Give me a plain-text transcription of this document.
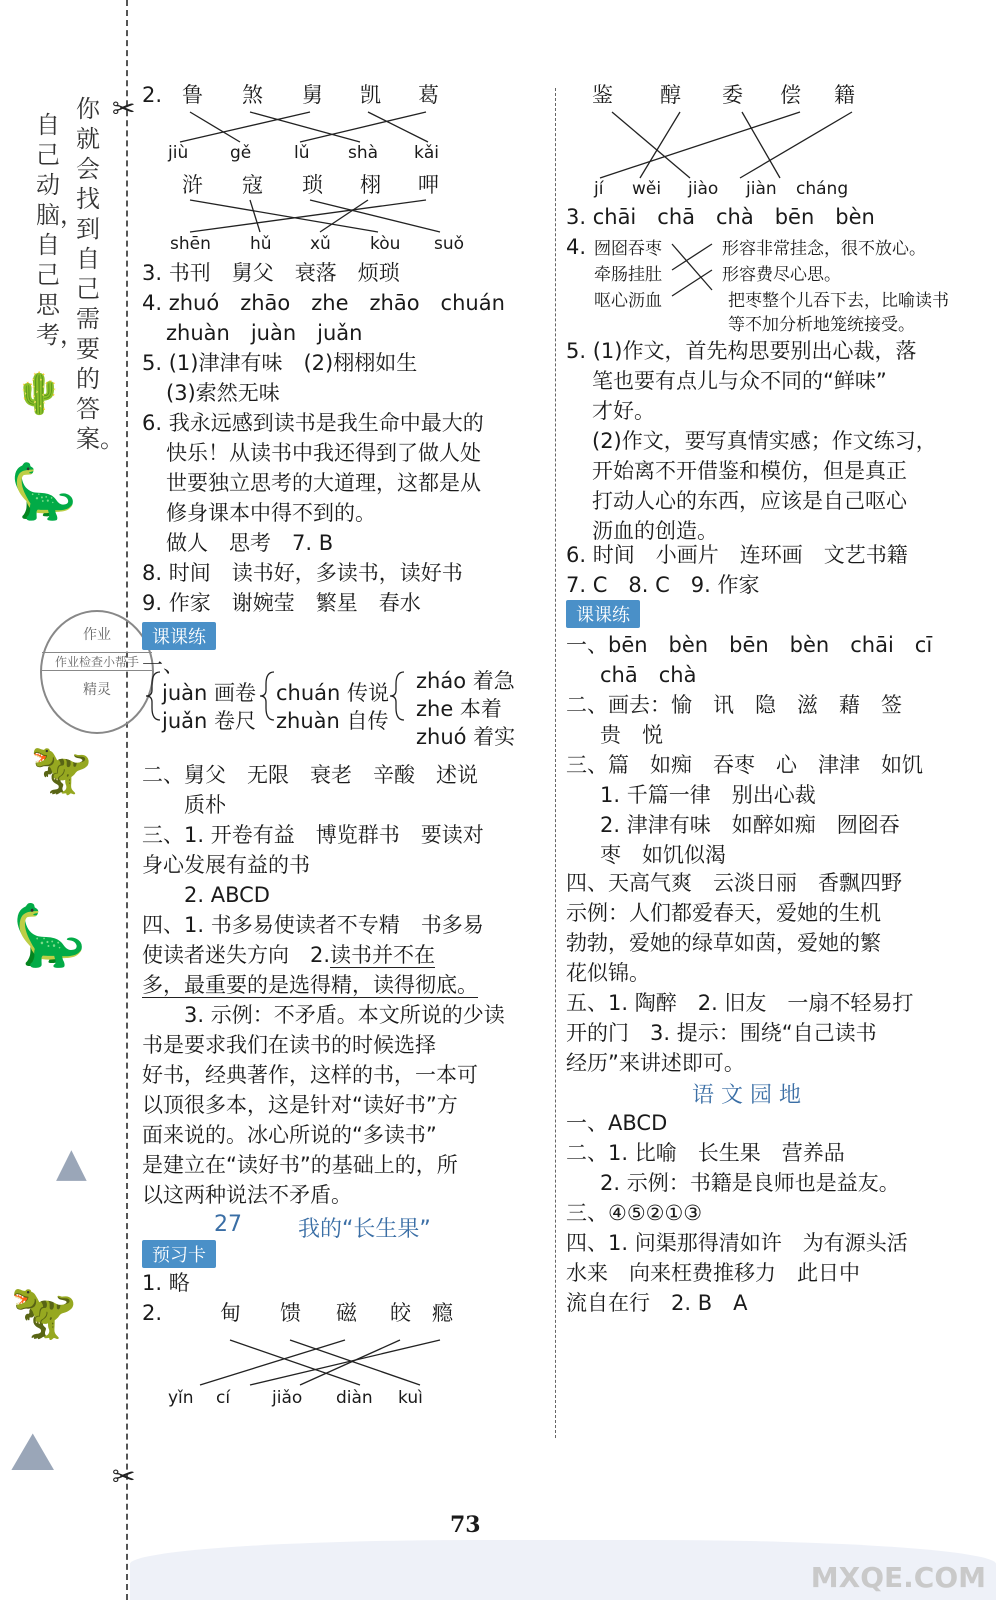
✂
✂
你就会找到自己需要的答案。
自己动脑，自己思考，
🌵
🦕
作业
作业检查小帮手
精灵
🦖
🦕
▲
🦖
⛰
2. 鲁 煞 舅 凯 葛
jiù gě	lǔ shà kǎi
浒 寇 琐 栩 呷
shēn hǔ xǔ kòu suǒ
3. 书刊　舅父　衰落　烦琐
4. zhuó　zhāo　zhe　zhāo　chuán
zhuàn　juàn　juǎn
5. (1)津津有味　(2)栩栩如生
(3)索然无味
6. 我永远感到读书是我生命中最大的
快乐！从读书中我还得到了做人处
世要独立思考的大道理，这都是从
修身课本中得不到的。
做人　思考　7. B
8. 时间　读书好，多读书，读好书
9. 作家　谢婉莹　繁星　春水
课课练
一、
juàn 画卷
juǎn 卷尺
chuán 传说
zhuàn 自传
zháo 着急
zhe 本着
zhuó 着实
二、舅父　无限　衰老　辛酸　述说
质朴
三、1. 开卷有益　博览群书　要读对
身心发展有益的书
2. ABCD
四、1. 书多易使读者不专精　书多易
使读者迷失方向　2.读书并不在
多，最重要的是选得精，读得彻底。
3. 示例：不矛盾。本文所说的少读
书是要求我们在读书的时候选择
好书，经典著作，这样的书，一本可
以顶很多本，这是针对“读好书”方
面来说的。冰心所说的“多读书”
是建立在“读好书”的基础上的，所
以这两种说法不矛盾。
27	我的“长生果”
预习卡
1. 略
2.	甸 馈 磁 皎 瘾
yǐn cí jiǎo diàn kuì
鉴 醇 委 偿 籍
jí wěi jiào jiàn cháng
3. chāi　chā　chà　bēn　bèn
4. 囫囵吞枣
牵肠挂肚
呕心沥血
形容非常挂念，很不放心。
形容费尽心思。
把枣整个儿吞下去，比喻读书
等不加分析地笼统接受。
5. (1)作文，首先构思要别出心裁，落
笔也要有点儿与众不同的“鲜味”
才好。
(2)作文，要写真情实感；作文练习，
开始离不开借鉴和模仿，但是真正
打动人心的东西，应该是自己呕心
沥血的创造。
6. 时间　小画片　连环画　文艺书籍
7. C　8. C　9. 作家
课课练
一、bēn　bèn　bēn　bèn　chāi　cī
chā　chà
二、画去：愉　讯　隐　滋　藉　签
贵　悦
三、篇　如痴　吞枣　心　津津　如饥
1. 千篇一律　别出心裁
2. 津津有味　如醉如痴　囫囵吞
枣　如饥似渴
四、天高气爽　云淡日丽　香飘四野
示例：人们都爱春天，爱她的生机
勃勃，爱她的绿草如茵，爱她的繁
花似锦。
五、1. 陶醉　2. 旧友　一扇不轻易打
开的门　3. 提示：围绕“自己读书
经历”来讲述即可。
语 文 园 地
一、ABCD
二、1. 比喻　长生果　营养品
2. 示例：书籍是良师也是益友。
三、④⑤②①③
四、1. 问渠那得清如许　为有源头活
水来　向来枉费推移力　此日中
流自在行　2. B　A
73
MXQE.COM
